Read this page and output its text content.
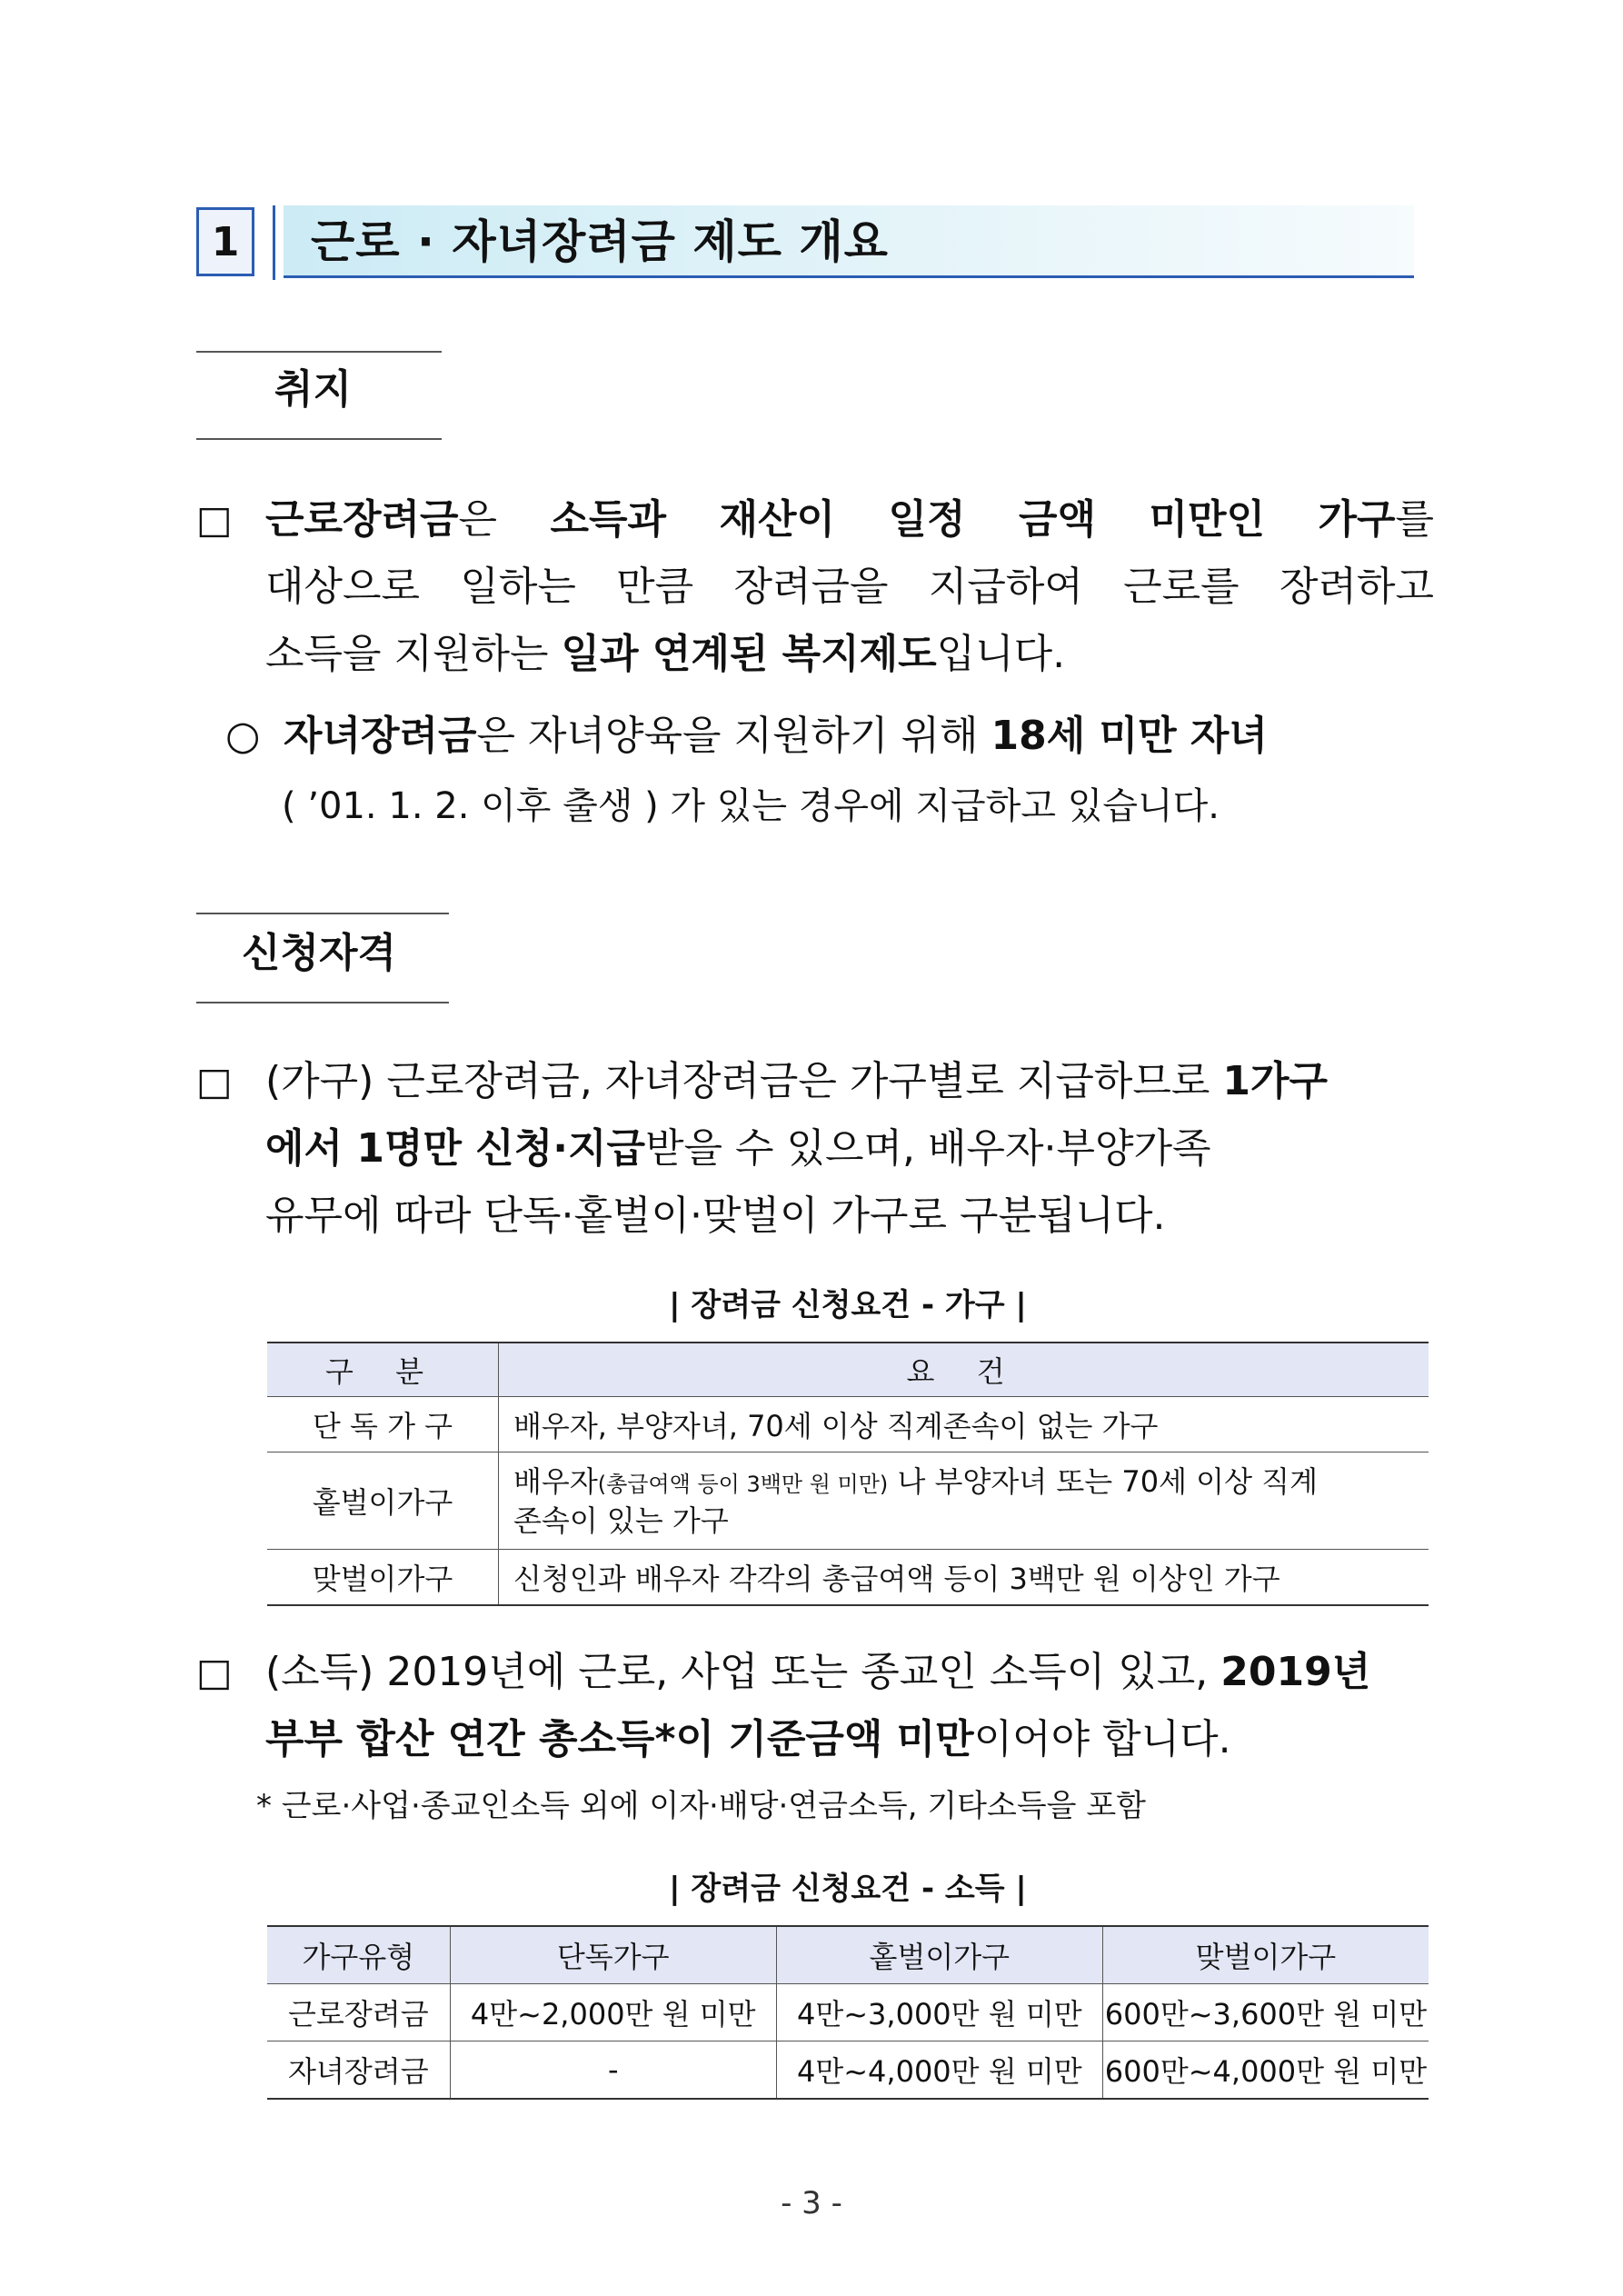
1	근로 · 자녀장려금 제도 개요
취지
□ 근로장려금은 소득과 재산이 일정 금액 미만인 가구를
대상으로 일하는 만큼 장려금을 지급하여 근로를 장려하고
소득을 지원하는 일과 연계된 복지제도입니다.
○ 자녀장려금은 자녀양육을 지원하기 위해 18세 미만 자녀
( ’01. 1. 2. 이후 출생 ) 가 있는 경우에 지급하고 있습니다.
신청자격
□ (가구) 근로장려금, 자녀장려금은 가구별로 지급하므로 1가구
에서 1명만 신청·지급받을 수 있으며, 배우자·부양가족
유무에 따라 단독·홑벌이·맞벌이 가구로 구분됩니다.
| 장려금 신청요건 - 가구 |
구 분	요 건
단 독 가 구	배우자, 부양자녀, 70세 이상 직계존속이 없는 가구
홑벌이가구	배우자(총급여액 등이 3백만 원 미만) 나 부양자녀 또는 70세 이상 직계
존속이 있는 가구

맞벌이가구	신청인과 배우자 각각의 총급여액 등이 3백만 원 이상인 가구
□ (소득) 2019년에 근로, 사업 또는 종교인 소득이 있고, 2019년
부부 합산 연간 총소득*이 기준금액 미만이어야 합니다.
* 근로·사업·종교인소득 외에 이자·배당·연금소득, 기타소득을 포함
| 장려금 신청요건 - 소득 |
가구유형	단독가구	홑벌이가구	맞벌이가구
근로장려금	4만~2,000만 원 미만	4만~3,000만 원 미만	600만~3,600만 원 미만
자녀장려금	-	4만~4,000만 원 미만	600만~4,000만 원 미만
- 3 -
